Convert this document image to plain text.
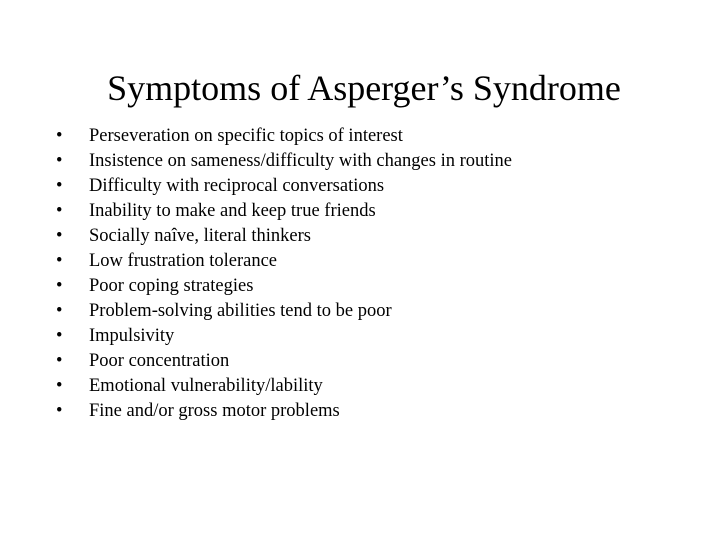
Symptoms of Asperger’s Syndrome
•	Perseveration on specific topics of interest
•	Insistence on sameness/difficulty with changes in routine
•	Difficulty with reciprocal conversations
•	Inability to make and keep true friends
•	Socially naîve, literal thinkers
•	Low frustration tolerance
•	Poor coping strategies
•	Problem-solving abilities tend to be poor
•	Impulsivity
•	Poor concentration
•	Emotional vulnerability/lability
•	Fine and/or gross motor problems
